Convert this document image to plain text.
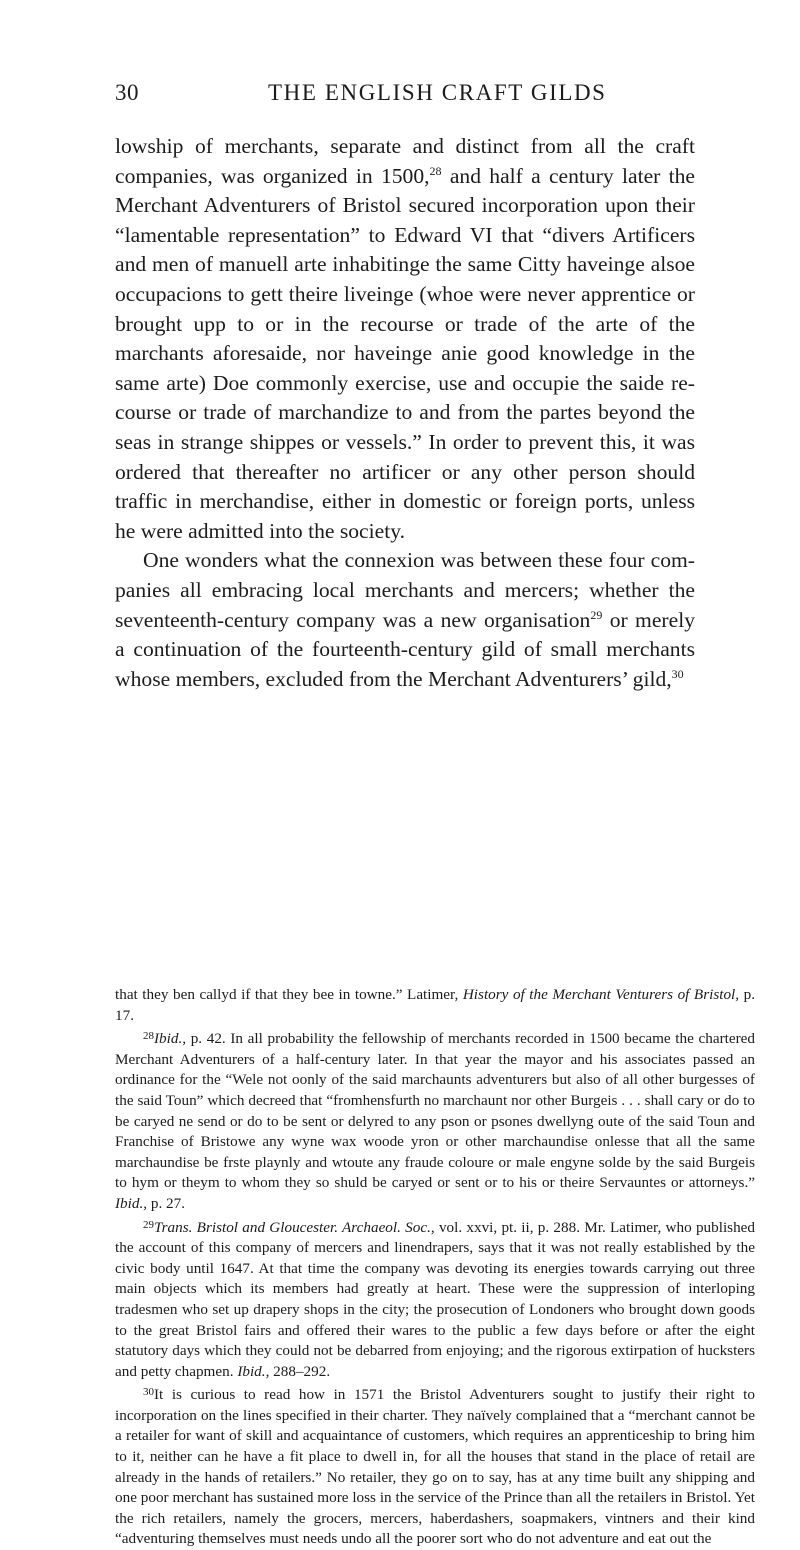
30	THE ENGLISH CRAFT GILDS

lowship of merchants, separate and distinct from all the craft companies, was organized in 1500,28 and half a century later the Merchant Adventurers of Bristol secured incorporation upon their “lamentable representation” to Edward VI that “divers Artificers and men of manuell arte inhabitinge the same Citty haveinge alsoe occupacions to gett theire liveinge (whoe were never apprentice or brought upp to or in the recourse or trade of the arte of the marchants aforesaide, nor haveinge anie good knowledge in the same arte) Doe commonly exercise, use and occupie the saide re-course or trade of marchandize to and from the partes beyond the seas in strange shippes or vessels.” In order to prevent this, it was ordered that thereafter no artificer or any other person should traffic in merchandise, either in domestic or foreign ports, unless he were admitted into the society.

One wonders what the connexion was between these four com-panies all embracing local merchants and mercers; whether the seventeenth-century company was a new organisation$^{29}$ or merely a continuation of the fourteenth-century gild of small merchants whose members, excluded from the Merchant Adventurers’ gild,$^{30}$

that they ben callyd if that they bee in towne.” Latimer, History of the Merchant Venturers of Bristol, p. 17.

$^{28}$Ibid., p. 42. In all probability the fellowship of merchants recorded in 1500 became the chartered Merchant Adventurers of a half-century later. In that year the mayor and his associates passed an ordinance for the “Wele not oonly of the said marchaunts adventurers but also of all other burgesses of the said Toun” which decreed that “fromhensfurth no marchaunt nor other Burgeis . . . shall cary or do to be caryed ne send or do to be sent or delyred to any pson or psones dwellyng oute of the said Toun and Franchise of Bristowe any wyne wax woode yron or other marchaundise onlesse that all the same marchaundise be frste playnly and wtoute any fraude coloure or male engyne solde by the said Burgeis to hym or theym to whom they so shuld be caryed or sent or to his or theire Servauntes or attorneys.” Ibid., p. 27.

$^{29}$Trans. Bristol and Gloucester. Archaeol. Soc., vol. xxvi, pt. ii, p. 288. Mr. Latimer, who published the account of this company of mercers and linendrapers, says that it was not really established by the civic body until 1647. At that time the company was devoting its energies towards carrying out three main objects which its members had greatly at heart. These were the suppression of interloping tradesmen who set up drapery shops in the city; the prosecution of Londoners who brought down goods to the great Bristol fairs and offered their wares to the public a few days before or after the eight statutory days which they could not be debarred from enjoying; and the rigorous extirpation of hucksters and petty chapmen. Ibid., 288–292.

$^{30}$It is curious to read how in 1571 the Bristol Adventurers sought to justify their right to incorporation on the lines specified in their charter. They naïvely complained that a “merchant cannot be a retailer for want of skill and acquaintance of customers, which requires an apprenticeship to bring him to it, neither can he have a fit place to dwell in, for all the houses that stand in the place of retail are already in the hands of retailers.” No retailer, they go on to say, has at any time built any shipping and one poor merchant has sustained more loss in the service of the Prince than all the retailers in Bristol. Yet the rich retailers, namely the grocers, mercers, haberdashers, soapmakers, vintners and their kind “adventuring themselves must needs undo all the poorer sort who do not adventure and eat out the
